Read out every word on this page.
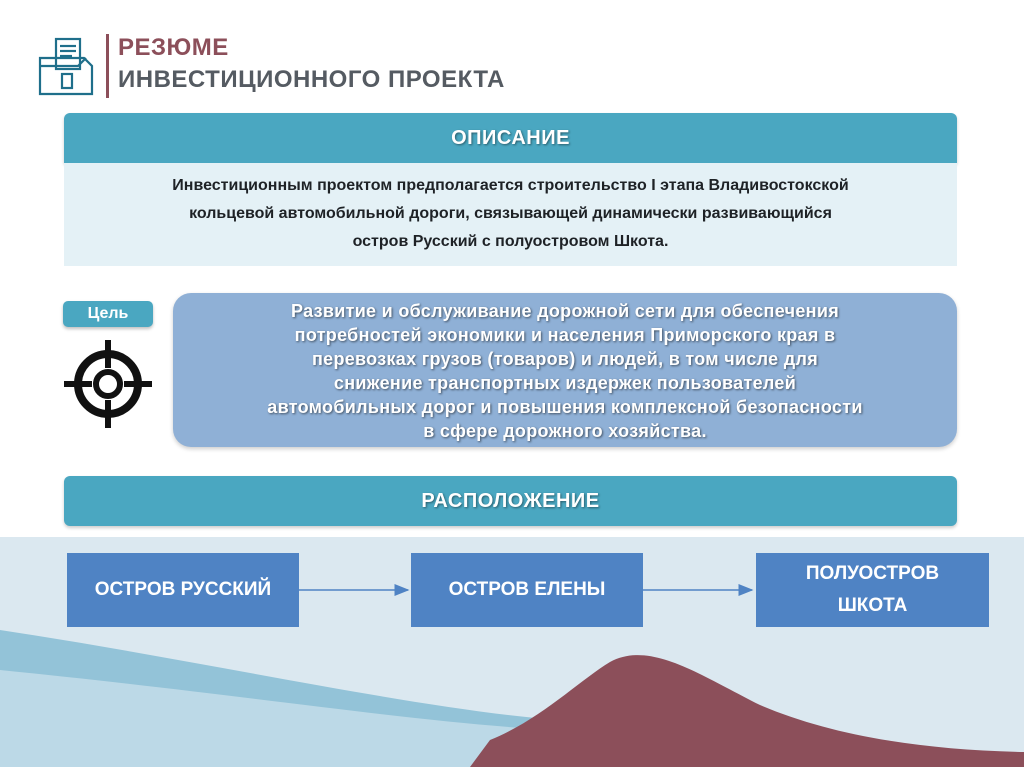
РЕЗЮМЕ
ИНВЕСТИЦИОННОГО ПРОЕКТА
ОПИСАНИЕ
Инвестиционным проектом предполагается строительство I этапа Владивостокской
кольцевой автомобильной дороги, связывающей динамически развивающийся
остров Русский с полуостровом Шкота.
Цель	Развитие и обслуживание дорожной сети для обеспечения
потребностей экономики и населения Приморского края в
перевозках грузов (товаров) и людей, в том числе для
снижение транспортных издержек пользователей
автомобильных дорог и повышения комплексной безопасности
в сфере дорожного хозяйства.
РАСПОЛОЖЕНИЕ
ОСТРОВ РУССКИЙ	ОСТРОВ ЕЛЕНЫ
ПОЛУОСТРОВ
ШКОТА
